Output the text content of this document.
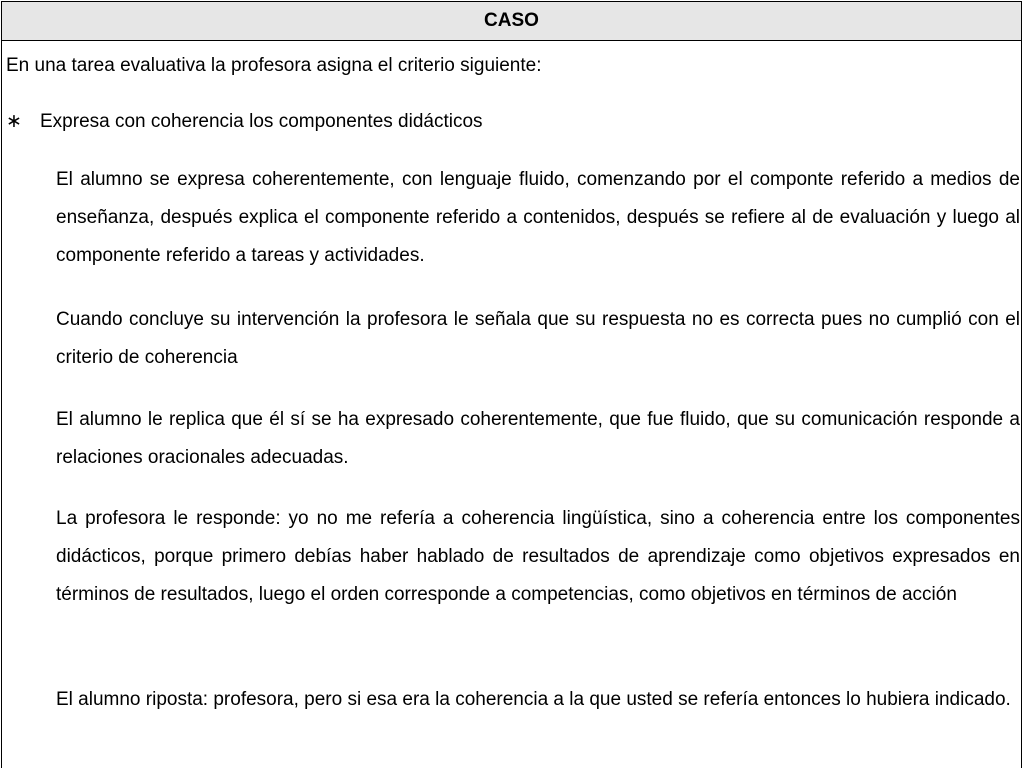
CASO
En una tarea evaluativa la profesora asigna el criterio siguiente:
∗ Expresa con coherencia los componentes didácticos

El alumno se expresa coherentemente, con lenguaje fluido, comenzando por el componte referido a medios de enseñanza, después explica el componente referido a contenidos, después se refiere al de evaluación y luego al componente referido a tareas y actividades.

Cuando concluye su intervención la profesora le señala que su respuesta no es correcta pues no cumplió con el criterio de coherencia

El alumno le replica que él sí se ha expresado coherentemente, que fue fluido, que su comunicación responde a relaciones oracionales adecuadas.

La profesora le responde: yo no me refería a coherencia lingüística, sino a coherencia entre los componentes didácticos, porque primero debías haber hablado de resultados de aprendizaje como objetivos expresados en términos de resultados, luego el orden corresponde a competencias, como objetivos en términos de acción

El alumno riposta: profesora, pero si esa era la coherencia a la que usted se refería entonces lo hubiera indicado.
